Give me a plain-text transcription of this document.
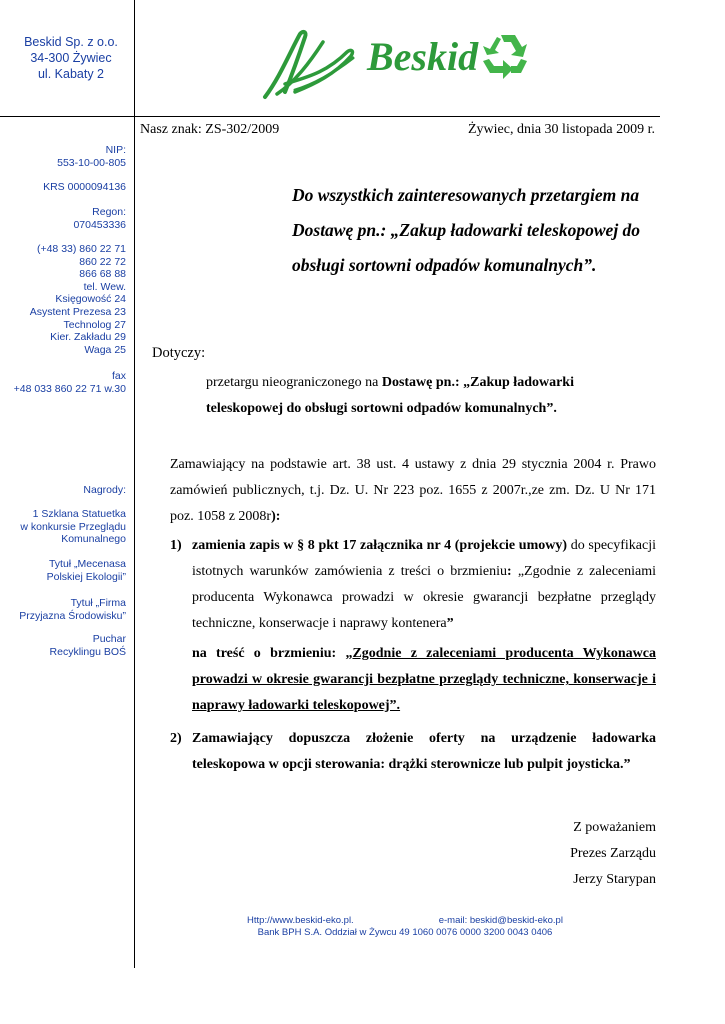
Beskid Sp. z o.o.
34-300 Żywiec
ul. Kabaty 2	Beskid
NIP:
553-10-00-805
KRS 0000094136
Regon:
070453336
(+48 33) 860 22 71
860 22 72
866 68 88
tel. Wew.
Księgowość 24
Asystent Prezesa 23
Technolog 27
Kier. Zakładu 29
Waga 25
fax
+48 033 860 22 71 w.30
Nagrody:
1 Szklana Statuetka
w konkursie Przeglądu
Komunalnego
Tytuł „Mecenasa
Polskiej Ekologii”
Tytuł „Firma
Przyjazna Środowisku”
Puchar
Recyklingu BOŚ
Nasz znak: ZS-302/2009	Żywiec, dnia 30 listopada 2009 r.
Do wszystkich zainteresowanych przetargiem na Dostawę pn.: „Zakup ładowarki teleskopowej do obsługi sortowni odpadów komunalnych”.
Dotyczy:
przetargu nieograniczonego na Dostawę pn.: „Zakup ładowarki teleskopowej do obsługi sortowni odpadów komunalnych”.
Zamawiający na podstawie art. 38 ust. 4 ustawy z dnia 29 stycznia 2004 r. Prawo zamówień publicznych, t.j. Dz. U. Nr 223 poz. 1655 z 2007r.,ze zm. Dz. U Nr 171 poz. 1058 z 2008r):
1) zamienia zapis w § 8 pkt 17 załącznika nr 4 (projekcie umowy) do specyfikacji istotnych warunków zamówienia z treści o brzmieniu: „Zgodnie z zaleceniami producenta Wykonawca prowadzi w okresie gwarancji bezpłatne przeglądy techniczne, konserwacje i naprawy kontenera”
na treść o brzmieniu: „Zgodnie z zaleceniami producenta Wykonawca prowadzi w okresie gwarancji bezpłatne przeglądy techniczne, konserwacje i naprawy ładowarki teleskopowej”.
2) Zamawiający dopuszcza złożenie oferty na urządzenie ładowarka teleskopowa w opcji sterowania: drążki sterownicze lub pulpit joysticka.”
Z poważaniem
Prezes Zarządu
Jerzy Starypan
Http://www.beskid-eko.pl.	e-mail: beskid@beskid-eko.pl
Bank BPH S.A. Oddział w Żywcu 49 1060 0076 0000 3200 0043 0406
